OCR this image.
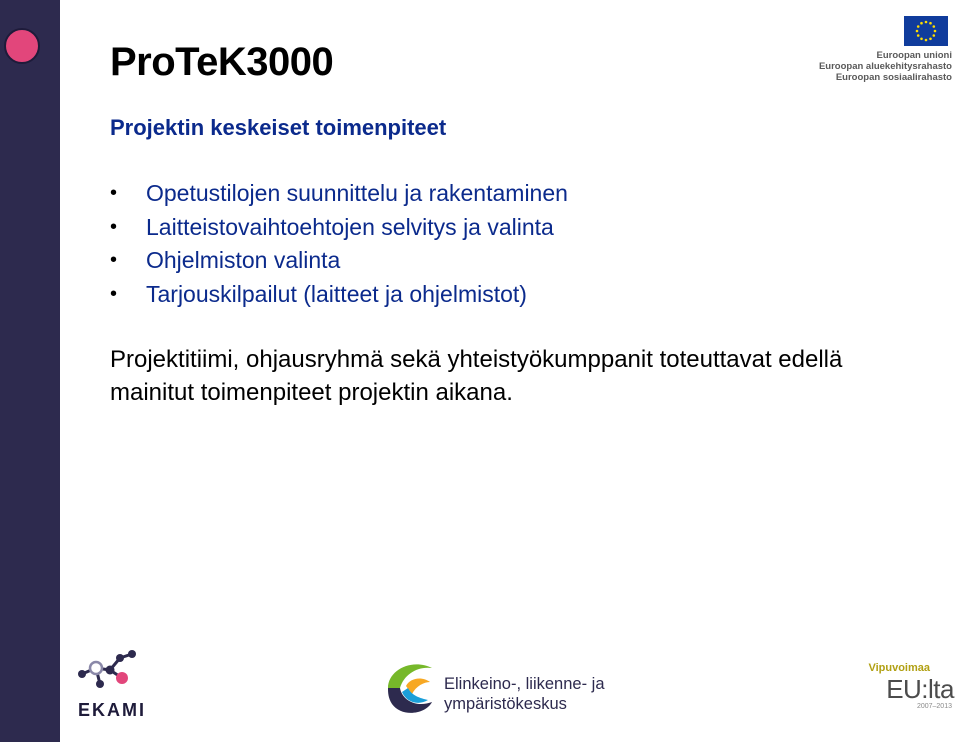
ProTeK3000
Projektin keskeiset toimenpiteet
• Opetustilojen suunnittelu ja rakentaminen
• Laitteistovaihtoehtojen selvitys ja valinta
• Ohjelmiston valinta
• Tarjouskilpailut (laitteet ja ohjelmistot)

Projektitiimi, ohjausryhmä sekä yhteistyökumppanit toteuttavat edellä mainitut toimenpiteet projektin aikana.

Euroopan unioni
Euroopan aluekehitysrahasto
Euroopan sosiaalirahasto
EKAMI
Elinkeino-, liikenne- ja
ympäristökeskus
Vipuvoimaa
EU:lta
2007–2013
